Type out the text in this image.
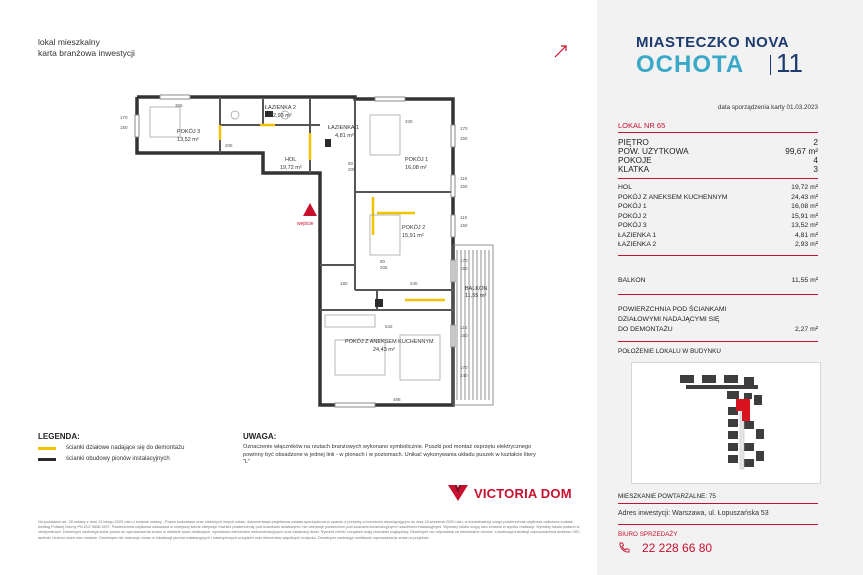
lokal mieszkalny
karta branżowa inwestycji
POKÓJ 3
13,52 m²
ŁAZIENKA 2
2,93 m²
ŁAZIENKA 1
4,81 m²
HOL
19,72 m²
POKÓJ 1
16,08 m²
POKÓJ 2
15,91 m²
BALKON
11,55 m²
POKÓJ Z ANEKSEM KUCHENNYM
24,43 m²
170
150	170
150
110
150
110
150
170
150
110
150
170
240
205
80
205
80
205
340
340
355
488
542
180
wejście
LEGENDA:
ścianki działowe nadające się do demontażu
ścianki obudowy pionów instalacyjnych
UWAGA:
Oznaczenie włączników na rzutach branżowych wykonano symbolicznie. Puszki pod montaż osprzętu elektrycznego powinny być obsadzone w jednej linii - w pionach i w poziomach. Unikać wykonywania układu puszek w kształcie litery "L"
VICTORIA DOM
Na podstawie art. 28 ustawy z dnia 13 lutego 2020 roku o zmianie ustawy - Prawo budowlane oraz niektórych innych ustaw, dokumentacja projektowa została sporządzona w oparciu o przepisy w brzmieniu obowiązującym do dnia 18 września 2020 roku, w konsekwencji czego powierzchnia użytkowa obliczona została według Polskiej Normy PN-ISO 9836:1997. Powierzchnia użytkowa wskazana w niniejszej karcie obejmuje również powierzchnię pod ściankami działowymi i nie obejmuje powierzchni pod ścianami konstrukcyjnymi i szachtami instalacyjnymi. Wymiary lokalu mogą ulec zmianie w wyniku realizacji. Wymiary lokalu podano w centymetrach. Deweloper zastrzega sobie prawo do wprowadzenia zmian w układzie ścian działowych, wymiarach elementów niekonstrukcyjnych oraz lokalizacji drzwi. Rysunki mebli i urządzeń mają charakter poglądowy. Deweloper nie odpowiada za ewentualne różnice. Lokalizacja instalacji odprowadzenia ścieków i WC, łazienki i kuchni może ulec zmianie. Deweloper nie dokonuje zmian w lokalizacji pionów instalacyjnych i wewnętrznych urządzeń oraz elementów wspólnych budynku. Deweloper zastrzega możliwość wprowadzania zmian w projekcie.
MIASTECZKO NOVA
OCHOTA 11
data sporządzenia karty 01.03.2023
LOKAL NR 65
PIĘTRO	2
POW. UŻYTKOWA	99,67 m²
POKOJE	4
KLATKA	3
HOL	19,72 m²
POKÓJ Z ANEKSEM KUCHENNYM	24,43 m²
POKÓJ 1	16,08 m²
POKÓJ 2	15,91 m²
POKÓJ 3	13,52 m²
ŁAZIENKA 1	4,81 m²
ŁAZIENKA 2	2,93 m²
BALKON	11,55 m²
POWIERZCHNIA POD ŚCIANKAMI
DZIAŁOWYMI NADAJĄCYMI SIĘ
DO DEMONTAŻU	2,27 m²
POŁOŻENIE LOKALU W BUDYNKU
MIESZKANIE POWTARZALNE: 75
Adres inwestycji: Warszawa, ul. Łopuszańska 53
BIURO SPRZEDAŻY
22 228 66 80
